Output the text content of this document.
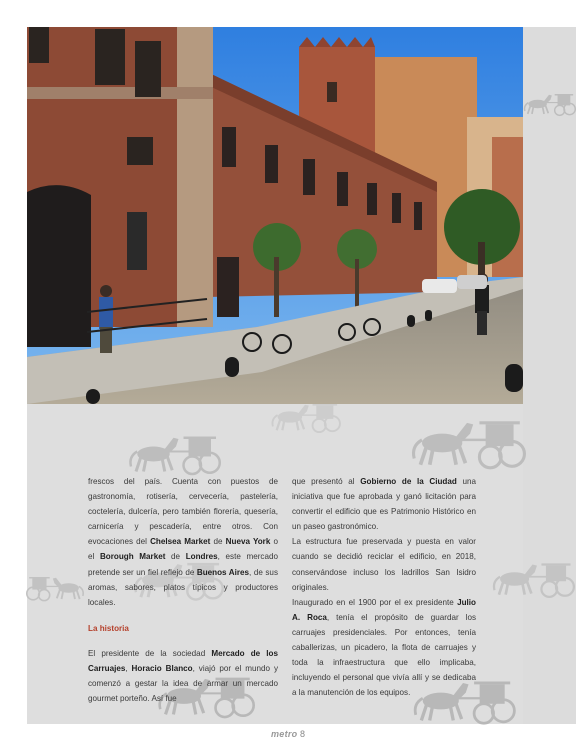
frescos del país. Cuenta con puestos de gastronomía, rotisería, cervecería, pastelería, coctelería, dulcería, pero también florería, quesería, carnicería y pescadería, entre otros. Con evocaciones del Chelsea Market de Nueva York o el Borough Market de Londres, este mercado pretende ser un fiel reflejo de Buenos Aires, de sus aromas, sabores, platos típicos y productores locales.

La historia

El presidente de la sociedad Mercado de los Carruajes, Horacio Blanco, viajó por el mundo y comenzó a gestar la idea de armar un mercado gourmet porteño. Así fue

que presentó al Gobierno de la Ciudad una iniciativa que fue aprobada y ganó licitación para convertir el edificio que es Patrimonio Histórico en un paseo gastronómico.

La estructura fue preservada y puesta en valor cuando se decidió reciclar el edificio, en 2018, conservándose incluso los ladrillos San Isidro originales.

Inaugurado en el 1900 por el ex presidente Julio A. Roca, tenía el propósito de guardar los carruajes presidenciales. Por entonces, tenía caballerizas, un picadero, la flota de carruajes y toda la infraestructura que ello implicaba, incluyendo el personal que vivía allí y se dedicaba a la manutención de los equipos.

metro 8
